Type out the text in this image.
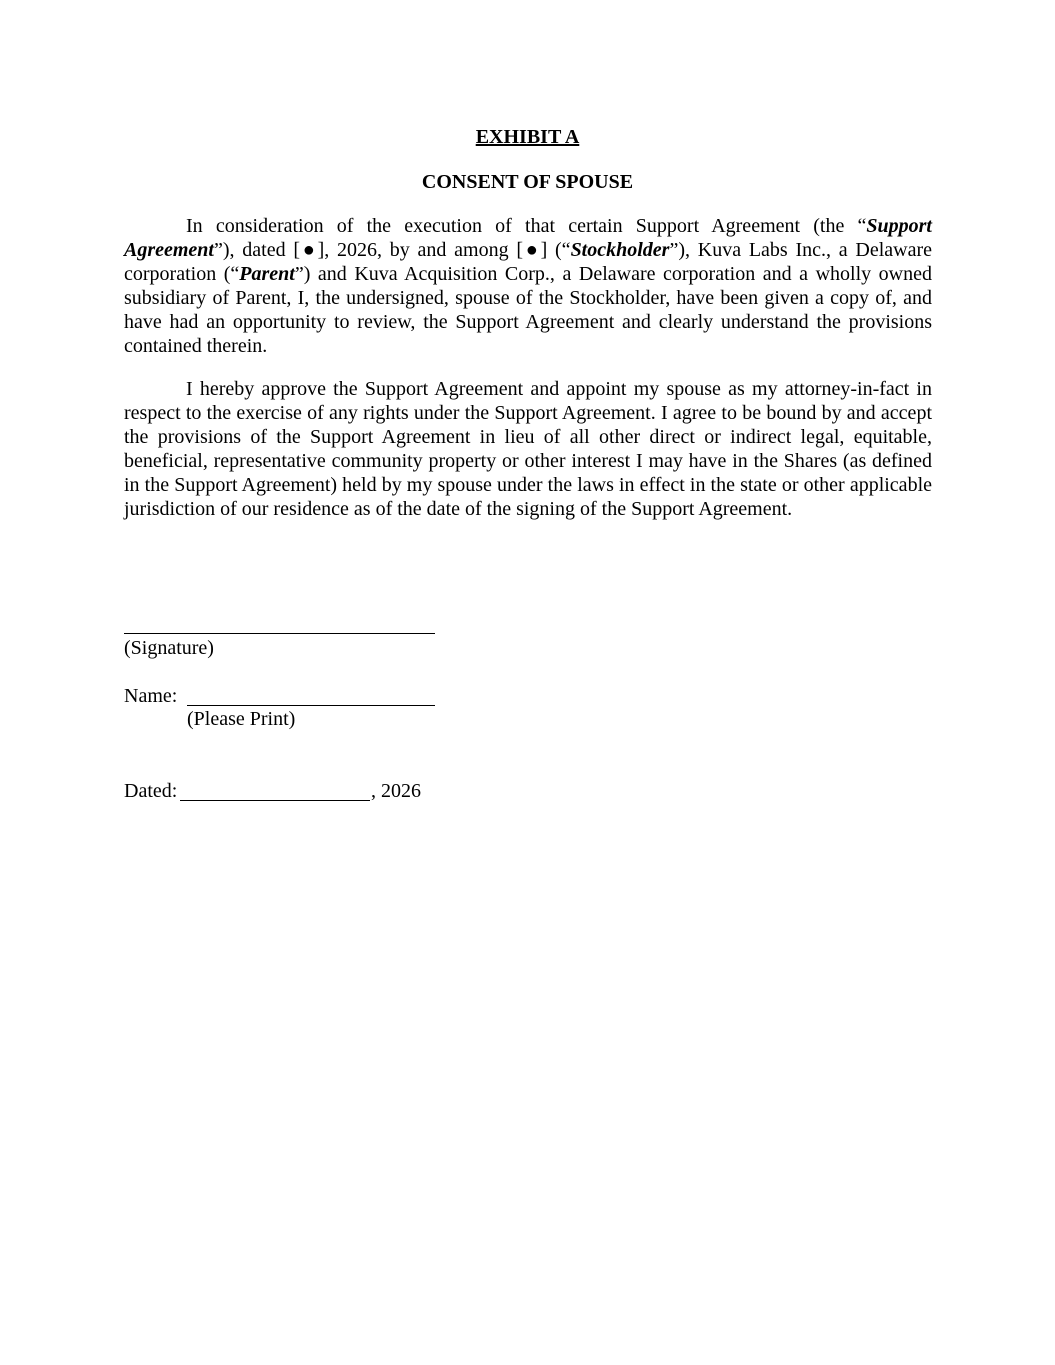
EXHIBIT A
CONSENT OF SPOUSE

In consideration of the execution of that certain Support Agreement (the “Support Agreement”), dated [●], 2026, by and among [●] (“Stockholder”), Kuva Labs Inc., a Delaware corporation (“Parent”) and Kuva Acquisition Corp., a Delaware corporation and a wholly owned subsidiary of Parent, I, the undersigned, spouse of the Stockholder, have been given a copy of, and have had an opportunity to review, the Support Agreement and clearly understand the provisions contained therein.

I hereby approve the Support Agreement and appoint my spouse as my attorney-in-fact in respect to the exercise of any rights under the Support Agreement. I agree to be bound by and accept the provisions of the Support Agreement in lieu of all other direct or indirect legal, equitable, beneficial, representative community property or other interest I may have in the Shares (as defined in the Support Agreement) held by my spouse under the laws in effect in the state or other applicable jurisdiction of our residence as of the date of the signing of the Support Agreement.

(Signature)
Name:
(Please Print)
Dated:	, 2026
